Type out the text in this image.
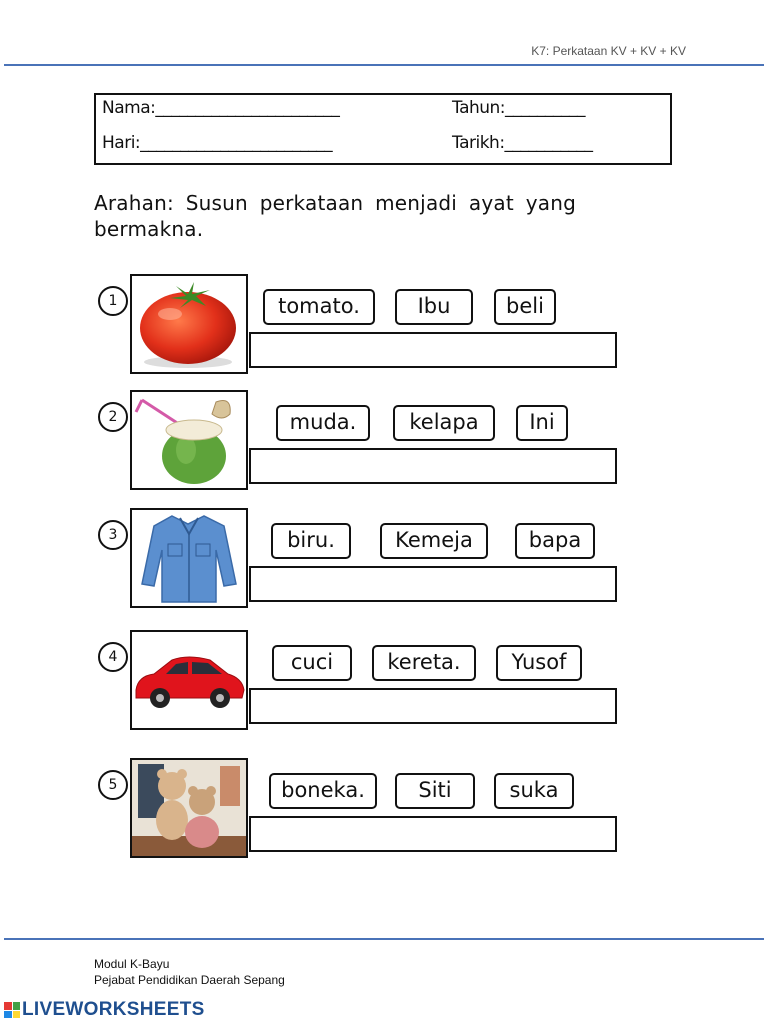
K7: Perkataan KV + KV + KV
Nama:_______________________	Tahun:__________
Hari:________________________	Tarikh:___________
Arahan: Susun perkataan menjadi ayat yang bermakna.
1	tomato.	Ibu	beli
2	muda.	kelapa	Ini
3	biru.	Kemeja	bapa
4	cuci	kereta.	Yusof
5	boneka.	Siti	suka
Modul K-Bayu
Pejabat Pendidikan Daerah Sepang
LIVEWORKSHEETS
